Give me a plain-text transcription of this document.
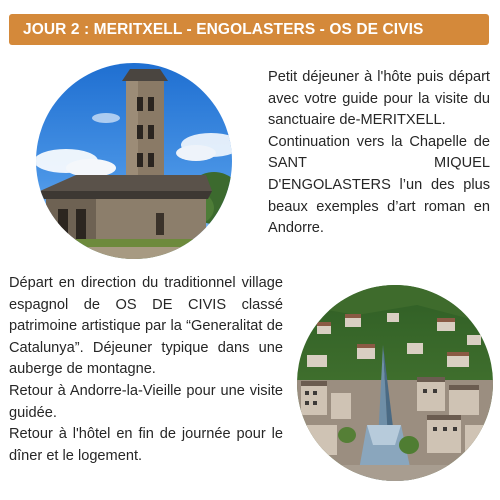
JOUR 2 : MERITXELL - ENGOLASTERS - OS DE CIVIS

Petit déjeuner à l'hôte puis départ avec votre guide pour la visite du sanctuaire de-MERITXELL.

Continuation vers la Chapelle de SANT MIQUEL D'ENGOLASTERS l’un des plus beaux exemples d’art roman en Andorre.

Départ en direction du traditionnel village espagnol de OS DE CIVIS classé patrimoine artistique par la “Generalitat de Catalunya”. Déjeuner typique dans une auberge de montagne.

Retour à Andorre-la-Vieille pour une visite guidée.

Retour à l'hôtel en fin de journée pour le dîner et le logement.
